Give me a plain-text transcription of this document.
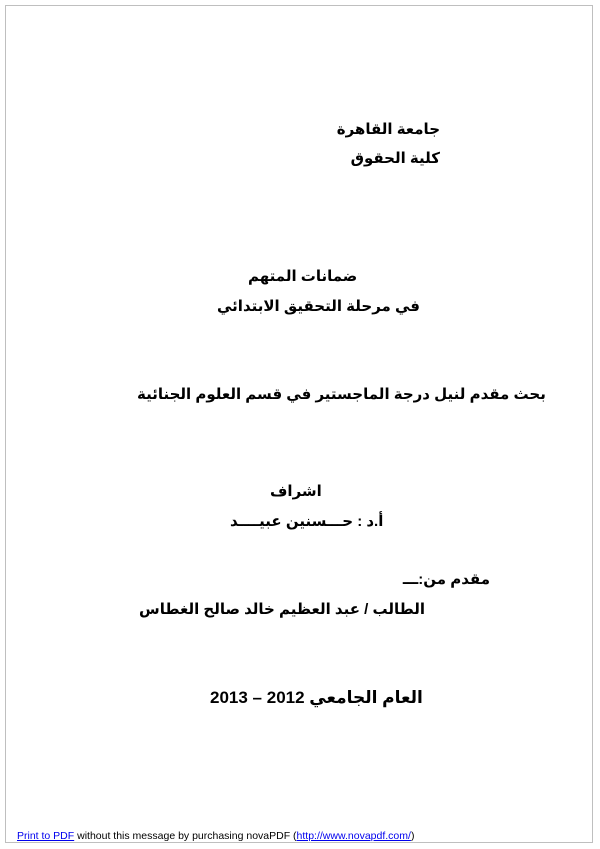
جامعة القاهرة
كلية الحقوق
ضمانات المتهم
في مرحلة التحقيق الابتدائي
بحث مقدم لنيل درجة الماجستير في قسم العلوم الجنائية
اشراف
أ.د : حـــسنين عبيــــد
مقدم من:ـــ
الطالب / عبد العظيم خالد صالح الغطاس
العام الجامعي 2012 – 2013
Print to PDF without this message by purchasing novaPDF (http://www.novapdf.com/)
